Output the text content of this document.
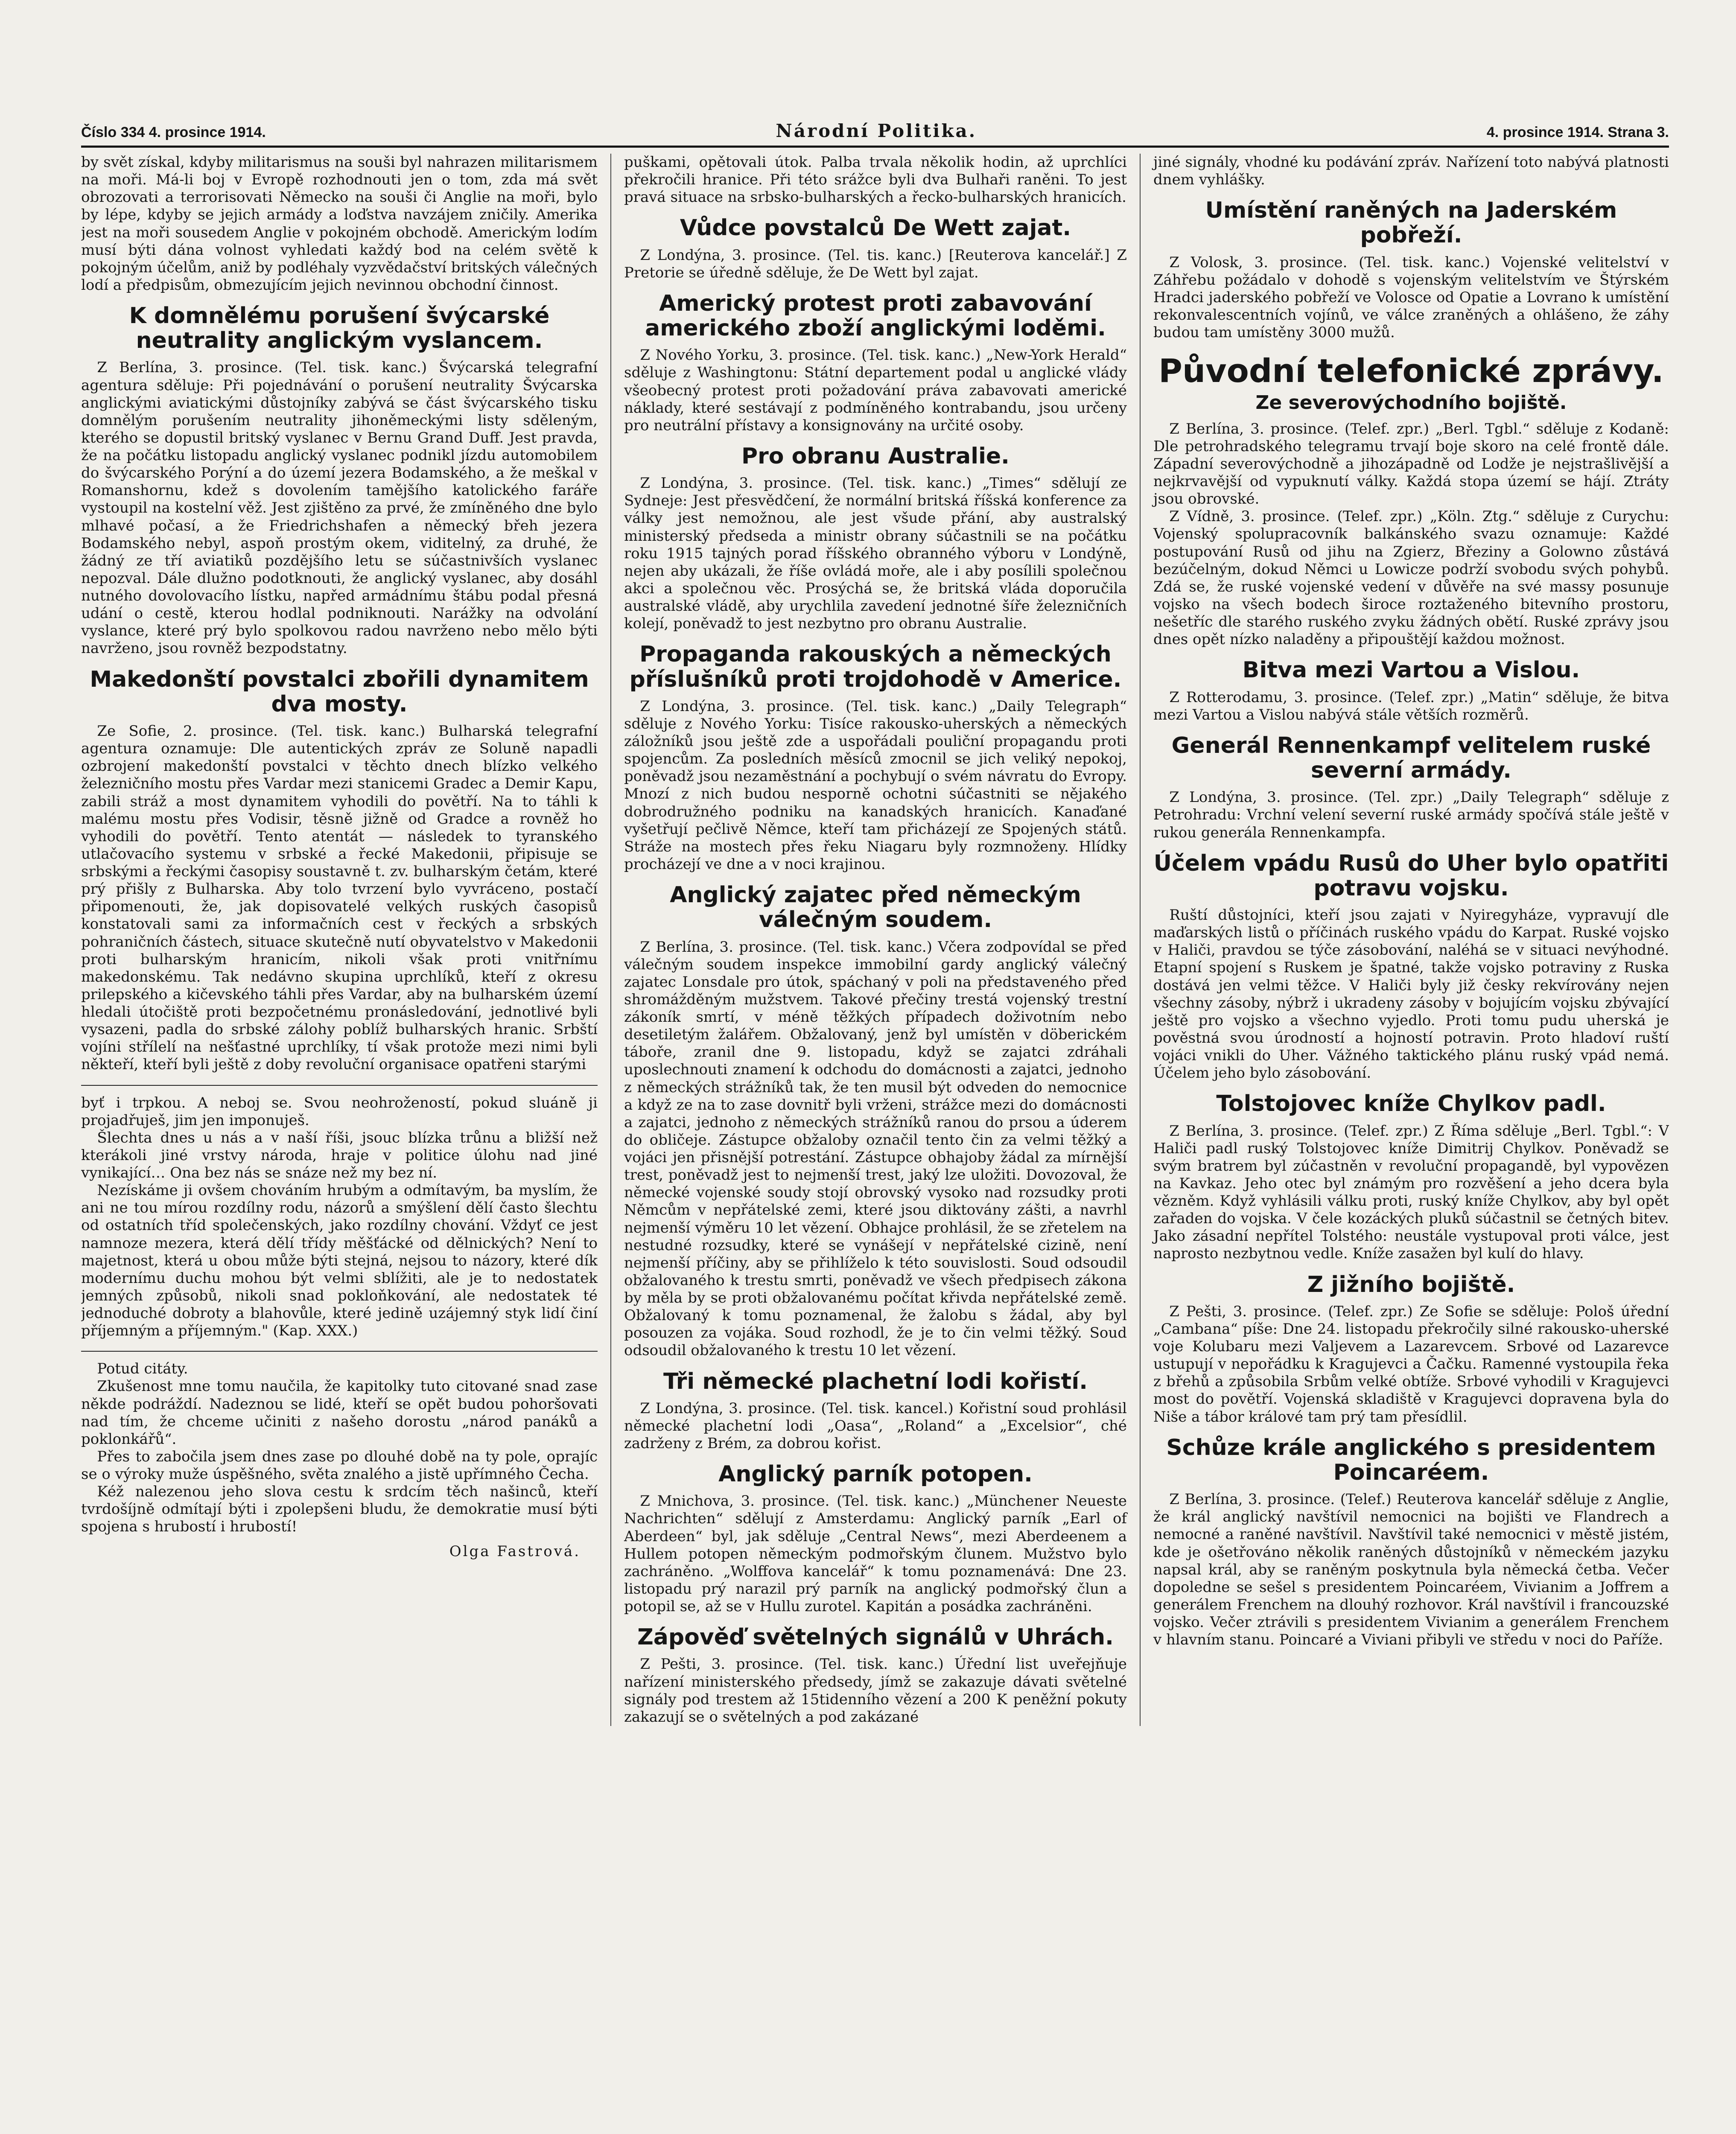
Číslo 334 4. prosince 1914.	Národní Politika.	4. prosince 1914. Strana 3.

by svět získal, kdyby militarismus na souši byl nahrazen militarismem na moři. Má-li boj v Evropě rozhodnouti jen o tom, zda má svět obrozovati a terrorisovati Německo na souši či Anglie na moři, bylo by lépe, kdyby se jejich armády a loďstva navzájem zničily. Amerika jest na moři sousedem Anglie v pokojném obchodě. Americkým lodím musí býti dána volnost vyhledati každý bod na celém světě k pokojným účelům, aniž by podléhaly vyzvědačství britských válečných lodí a předpisům, obmezujícím jejich nevinnou obchodní činnost.

K domnělému porušení švýcarské neutrality anglickým vyslancem.

Z Berlína, 3. prosince. (Tel. tisk. kanc.) Švýcarská telegrafní agentura sděluje: Při pojednávání o porušení neutrality Švýcarska anglickými aviatickými důstojníky zabývá se část švýcarského tisku domnělým porušením neutrality jihoněmeckými listy sděleným, kterého se dopustil britský vyslanec v Bernu Grand Duff. Jest pravda, že na počátku listopadu anglický vyslanec podnikl jízdu automobilem do švýcarského Porýní a do území jezera Bodamského, a že meškal v Romanshornu, kdež s dovolením tamějšího katolického faráře vystoupil na kostelní věž. Jest zjištěno za prvé, že zmíněného dne bylo mlhavé počasí, a že Friedrichshafen a německý břeh jezera Bodamského nebyl, aspoň prostým okem, viditelný, za druhé, že žádný ze tří aviatiků pozdějšího letu se súčastnivších vyslanec nepozval. Dále dlužno podotknouti, že anglický vyslanec, aby dosáhl nutného dovolovacího lístku, napřed armádnímu štábu podal přesná udání o cestě, kterou hodlal podniknouti. Narážky na odvolání vyslance, které prý bylo spolkovou radou navrženo nebo mělo býti navrženo, jsou rovněž bezpodstatny.

Makedonští povstalci zbořili dynamitem dva mosty.

Ze Sofie, 2. prosince. (Tel. tisk. kanc.) Bulharská telegrafní agentura oznamuje: Dle autentických zpráv ze Soluně napadli ozbrojení makedonští povstalci v těchto dnech blízko velkého železničního mostu přes Vardar mezi stanicemi Gradec a Demir Kapu, zabili stráž a most dynamitem vyhodili do povětří. Na to táhli k malému mostu přes Vodisir, těsně jižně od Gradce a rovněž ho vyhodili do povětří. Tento atentát — následek to tyranského utlačovacího systemu v srbské a řecké Makedonii, připisuje se srbskými a řeckými časopisy soustavně t. zv. bulharským četám, které prý přišly z Bulharska. Aby tolo tvrzení bylo vyvráceno, postačí připomenouti, že, jak dopisovatelé velkých ruských časopisů konstatovali sami za informačních cest v řeckých a srbských pohraničních částech, situace skutečně nutí obyvatelstvo v Makedonii proti bulharským hranicím, nikoli však proti vnitřnímu makedonskému. Tak nedávno skupina uprchlíků, kteří z okresu prilepského a kičevského táhli přes Vardar, aby na bulharském území hledali útočiště proti bezpočetnému pronásledování, jednotlivé byli vysazeni, padla do srbské zálohy poblíž bulharských hranic. Srbští vojíni střílelí na nešťastné uprchlíky, tí však protože mezi nimi byli někteří, kteří byli ještě z doby revoluční organisace opatřeni starými

byť i trpkou. A neboj se. Svou neohrožeností, pokud sluáně ji projadřuješ, jim jen imponuješ.

Šlechta dnes u nás a v naší říši, jsouc blízka trůnu a bližší než kterákoli jiné vrstvy národa, hraje v politice úlohu nad jiné vynikající… Ona bez nás se snáze než my bez ní.

Nezískáme ji ovšem chováním hrubým a odmítavým, ba myslím, že ani ne tou mírou rozdílny rodu, názorů a smýšlení dělí často šlechtu od ostatních tříd společenských, jako rozdílny chování. Vždyť ce jest namnoze mezera, která dělí třídy měšťácké od dělnických? Není to majetnost, která u obou může býti stejná, nejsou to názory, které dík modernímu duchu mohou být velmi sblížiti, ale je to nedostatek jemných způsobů, nikoli snad pokloňkování, ale nedostatek té jednoduché dobroty a blahovůle, které jedině uzájemný styk lidí činí příjemným a příjemným." (Kap. XXX.)

Potud citáty.

Zkušenost mne tomu naučila, že kapitolky tuto citované snad zase někde podráždí. Nadeznou se lidé, kteří se opět budou pohoršovati nad tím, že chceme učiniti z našeho dorostu „národ panáků a poklonkářů“.

Přes to zabočila jsem dnes zase po dlouhé době na ty pole, oprajíc se o výroky muže úspěšného, světa znalého a jistě upřímného Čecha.

Kéž nalezenou jeho slova cestu k srdcím těch našinců, kteří tvrdošíjně odmítají býti i zpolepšeni bludu, že demokratie musí býti spojena s hrubostí i hrubostí!

Olga Fastrová.

puškami, opětovali útok. Palba trvala několik hodin, až uprchlíci překročili hranice. Při této srážce byli dva Bulhaři raněni. To jest pravá situace na srbsko-bulharských a řecko-bulharských hranicích.

Vůdce povstalců De Wett zajat.

Z Londýna, 3. prosince. (Tel. tis. kanc.) [Reuterova kancelář.] Z Pretorie se úředně sděluje, že De Wett byl zajat.

Americký protest proti zabavování amerického zboží anglickými loděmi.

Z Nového Yorku, 3. prosince. (Tel. tisk. kanc.) „New-York Herald“ sděluje z Washingtonu: Státní departement podal u anglické vlády všeobecný protest proti požadování práva zabavovati americké náklady, které sestávají z podmíněného kontrabandu, jsou určeny pro neutrální přístavy a konsignovány na určité osoby.

Pro obranu Australie.

Z Londýna, 3. prosince. (Tel. tisk. kanc.) „Times“ sdělují ze Sydneje: Jest přesvědčení, že normální britská říšská konference za války jest nemožnou, ale jest všude přání, aby australský ministerský předseda a ministr obrany súčastnili se na počátku roku 1915 tajných porad říšského obranného výboru v Londýně, nejen aby ukázali, že říše ovládá moře, ale i aby posílili společnou akci a společnou věc. Prosýchá se, že britská vláda doporučila australské vládě, aby urychlila zavedení jednotné šíře železničních kolejí, poněvadž to jest nezbytno pro obranu Australie.

Propaganda rakouských a německých příslušníků proti trojdohodě v Americe.

Z Londýna, 3. prosince. (Tel. tisk. kanc.) „Daily Telegraph“ sděluje z Nového Yorku: Tisíce rakousko-uherských a německých záložníků jsou ještě zde a uspořádali pouliční propagandu proti spojencům. Za posledních měsíců zmocnil se jich veliký nepokoj, poněvadž jsou nezaměstnání a pochybují o svém návratu do Evropy. Mnozí z nich budou nesporně ochotni súčastniti se nějakého dobrodružného podniku na kanadských hranicích. Kanaďané vyšetřují pečlivě Němce, kteří tam přicházejí ze Spojených států. Stráže na mostech přes řeku Niagaru byly rozmnoženy. Hlídky procházejí ve dne a v noci krajinou.

Anglický zajatec před německým válečným soudem.

Z Berlína, 3. prosince. (Tel. tisk. kanc.) Včera zodpovídal se před válečným soudem inspekce immobilní gardy anglický válečný zajatec Lonsdale pro útok, spáchaný v poli na představeného před shromážděným mužstvem. Takové přečiny trestá vojenský trestní zákoník smrtí, v méně těžkých případech doživotním nebo desetiletým žalářem. Obžalovaný, jenž byl umístěn v döberickém táboře, zranil dne 9. listopadu, když se zajatci zdráhali uposlechnouti znamení k odchodu do domácnosti a zajatci, jednoho z německých strážníků tak, že ten musil být odveden do nemocnice a když ze na to zase dovnitř byli vrženi, strážce mezi do domácnosti a zajatci, jednoho z německých strážníků ranou do prsou a úderem do obličeje. Zástupce obžaloby označil tento čin za velmi těžký a vojáci jen přisnější potrestání. Zástupce obhajoby žádal za mírnější trest, poněvadž jest to nejmenší trest, jaký lze uložiti. Dovozoval, že německé vojenské soudy stojí obrovský vysoko nad rozsudky proti Němcům v nepřátelské zemi, které jsou diktovány zášti, a navrhl nejmenší výměru 10 let vězení. Obhajce prohlásil, že se zřetelem na nestudné rozsudky, které se vynášejí v nepřátelské cizině, není nejmenší příčiny, aby se přihlíželo k této souvislosti. Soud odsoudil obžalovaného k trestu smrti, poněvadž ve všech předpisech zákona by měla by se proti obžalovanému počítat křivda nepřátelské země. Obžalovaný k tomu poznamenal, že žalobu s žádal, aby byl posouzen za vojáka. Soud rozhodl, že je to čin velmi těžký. Soud odsoudil obžalovaného k trestu 10 let vězení.

Tři německé plachetní lodi kořistí.

Z Londýna, 3. prosince. (Tel. tisk. kancel.) Kořistní soud prohlásil německé plachetní lodi „Oasa“, „Roland“ a „Excelsior“, ché zadrženy z Brém, za dobrou kořist.

Anglický parník potopen.

Z Mnichova, 3. prosince. (Tel. tisk. kanc.) „Münchener Neueste Nachrichten“ sdělují z Amsterdamu: Anglický parník „Earl of Aberdeen“ byl, jak sděluje „Central News“, mezi Aberdeenem a Hullem potopen německým podmořským člunem. Mužstvo bylo zachráněno. „Wolffova kancelář“ k tomu poznamenává: Dne 23. listopadu prý narazil prý parník na anglický podmořský člun a potopil se, až se v Hullu zurotel. Kapitán a posádka zachráněni.

Zápověď světelných signálů v Uhrách.

Z Pešti, 3. prosince. (Tel. tisk. kanc.) Úřední list uveřejňuje nařízení ministerského předsedy, jímž se zakazuje dávati světelné signály pod trestem až 15tidenního vězení a 200 K peněžní pokuty zakazují se o světelných a pod zakázané

jiné signály, vhodné ku podávání zpráv. Nařízení toto nabývá platnosti dnem vyhlášky.

Umístění raněných na Jaderském pobřeží.

Z Volosk, 3. prosince. (Tel. tisk. kanc.) Vojenské velitelství v Záhřebu požádalo v dohodě s vojenským velitelstvím ve Štýrském Hradci jaderského pobřeží ve Volosce od Opatie a Lovrano k umístění rekonvalescentních vojínů, ve válce zraněných a ohlášeno, že záhy budou tam umístěny 3000 mužů.

Původní telefonické zprávy.
Ze severovýchodního bojiště.

Z Berlína, 3. prosince. (Telef. zpr.) „Berl. Tgbl.“ sděluje z Kodaně: Dle petrohradského telegramu trvají boje skoro na celé frontě dále. Západní severovýchodně a jihozápadně od Lodže je nejstrašlivější a nejkrvavější od vypuknutí války. Každá stopa území se hájí. Ztráty jsou obrovské.

Z Vídně, 3. prosince. (Telef. zpr.) „Köln. Ztg.“ sděluje z Curychu: Vojenský spolupracovník balkánského svazu oznamuje: Každé postupování Rusů od jihu na Zgierz, Březiny a Golowno zůstává bezúčelným, dokud Němci u Lowicze podrží svobodu svých pohybů. Zdá se, že ruské vojenské vedení v důvěře na své massy posunuje vojsko na všech bodech široce roztaženého bitevního prostoru, nešetříc dle starého ruského zvyku žádných obětí. Ruské zprávy jsou dnes opět nízko naladěny a připouštějí každou možnost.

Bitva mezi Vartou a Vislou.

Z Rotterodamu, 3. prosince. (Telef. zpr.) „Matin“ sděluje, že bitva mezi Vartou a Vislou nabývá stále větších rozměrů.

Generál Rennenkampf velitelem ruské severní armády.

Z Londýna, 3. prosince. (Tel. zpr.) „Daily Telegraph“ sděluje z Petrohradu: Vrchní velení severní ruské armády spočívá stále ještě v rukou generála Rennenkampfa.

Účelem vpádu Rusů do Uher bylo opatřiti potravu vojsku.

Ruští důstojníci, kteří jsou zajati v Nyiregyháze, vypravují dle maďarských listů o příčinách ruského vpádu do Karpat. Ruské vojsko v Haliči, pravdou se týče zásobování, naléhá se v situaci nevýhodné. Etapní spojení s Ruskem je špatné, takže vojsko potraviny z Ruska dostává jen velmi těžce. V Haliči byly již česky rekvírovány nejen všechny zásoby, nýbrž i ukradeny zásoby v bojujícím vojsku zbývající ještě pro vojsko a všechno vyjedlo. Proti tomu pudu uherská je pověstná svou úrodností a hojností potravin. Proto hladoví ruští vojáci vnikli do Uher. Vážného taktického plánu ruský vpád nemá. Účelem jeho bylo zásobování.

Tolstojovec kníže Chylkov padl.

Z Berlína, 3. prosince. (Telef. zpr.) Z Říma sděluje „Berl. Tgbl.“: V Haliči padl ruský Tolstojovec kníže Dimitrij Chylkov. Poněvadž se svým bratrem byl zúčastněn v revoluční propagandě, byl vypovězen na Kavkaz. Jeho otec byl známým pro rozvěšení a jeho dcera byla vězněm. Když vyhlásili válku proti, ruský kníže Chylkov, aby byl opět zařaden do vojska. V čele kozáckých pluků súčastnil se četných bitev. Jako zásadní nepřítel Tolstého: neustále vystupoval proti válce, jest naprosto nezbytnou vedle. Kníže zasažen byl kulí do hlavy.

Z jižního bojiště.

Z Pešti, 3. prosince. (Telef. zpr.) Ze Sofie se sděluje: Pološ úřední „Cambana“ píše: Dne 24. listopadu překročily silné rakousko-uherské voje Kolubaru mezi Valjevem a Lazarevcem. Srbové od Lazarevce ustupují v nepořádku k Kragujevci a Čačku. Ramenné vystoupila řeka z břehů a způsobila Srbům velké obtíže. Srbové vyhodili v Kragujevci most do povětří. Vojenská skladiště v Kragujevci dopravena byla do Niše a tábor králové tam prý tam přesídlil.

Schůze krále anglického s presidentem Poincaréem.

Z Berlína, 3. prosince. (Telef.) Reuterova kancelář sděluje z Anglie, že král anglický navštívil nemocnici na bojišti ve Flandrech a nemocné a raněné navštívil. Navštívil také nemocnici v městě jistém, kde je ošetřováno několik raněných důstojníků v německém jazyku napsal král, aby se raněným poskytnula byla německá četba. Večer dopoledne se sešel s presidentem Poincaréem, Vivianim a Joffrem a generálem Frenchem na dlouhý rozhovor. Král navštívil i francouzské vojsko. Večer ztrávili s presidentem Vivianim a generálem Frenchem v hlavním stanu. Poincaré a Viviani přibyli ve středu v noci do Paříže.
